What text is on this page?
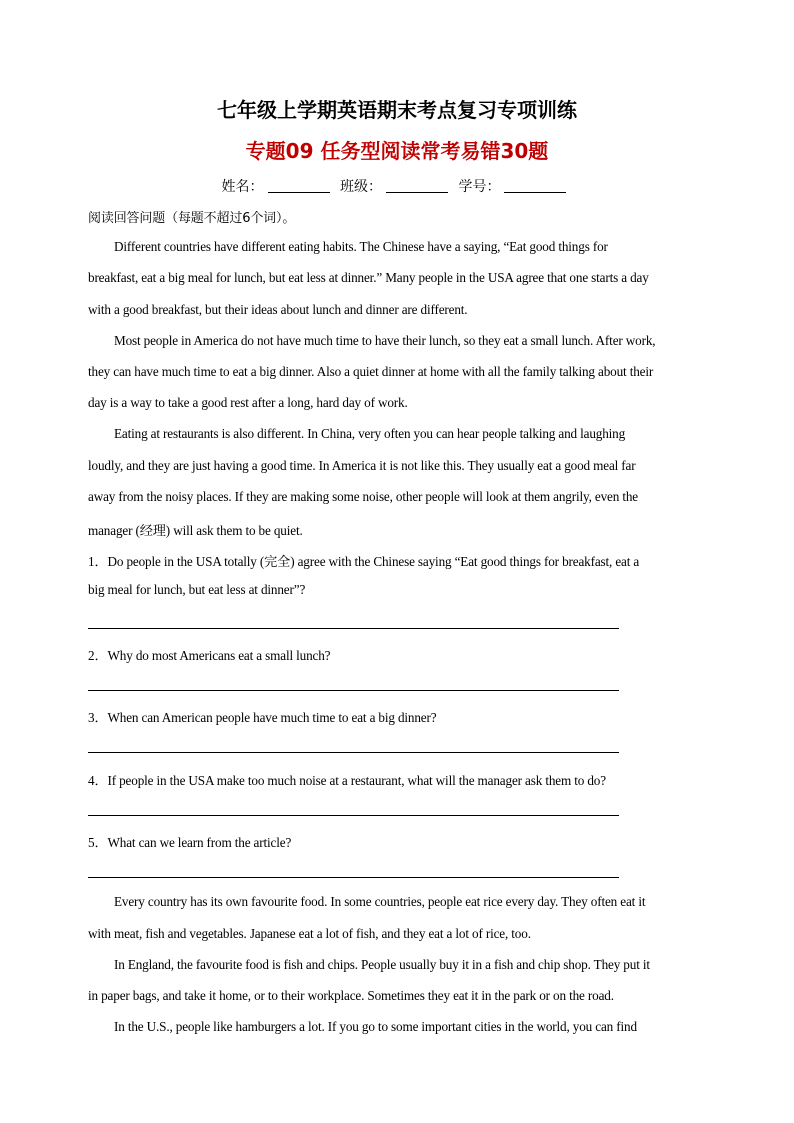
七年级上学期英语期末考点复习专项训练
专题09 任务型阅读常考易错30题
姓名：	班级：	学号：
阅读回答问题（每题不超过6个词）。
Different countries have different eating habits. The Chinese have a saying, “Eat good things for
breakfast, eat a big meal for lunch, but eat less at dinner.” Many people in the USA agree that one starts a day
with a good breakfast, but their ideas about lunch and dinner are different.
Most people in America do not have much time to have their lunch, so they eat a small lunch. After work,
they can have much time to eat a big dinner. Also a quiet dinner at home with all the family talking about their
day is a way to take a good rest after a long, hard day of work.
Eating at restaurants is also different. In China, very often you can hear people talking and laughing
loudly, and they are just having a good time. In America it is not like this. They usually eat a good meal far
away from the noisy places. If they are making some noise, other people will look at them angrily, even the
manager (经理) will ask them to be quiet.
1．Do people in the USA totally (完全) agree with the Chinese saying “Eat good things for breakfast, eat a
big meal for lunch, but eat less at dinner”?
2．Why do most Americans eat a small lunch?
3．When can American people have much time to eat a big dinner?
4．If people in the USA make too much noise at a restaurant, what will the manager ask them to do?
5．What can we learn from the article?
Every country has its own favourite food. In some countries, people eat rice every day. They often eat it
with meat, fish and vegetables. Japanese eat a lot of fish, and they eat a lot of rice, too.
In England, the favourite food is fish and chips. People usually buy it in a fish and chip shop. They put it
in paper bags, and take it home, or to their workplace. Sometimes they eat it in the park or on the road.
In the U.S., people like hamburgers a lot. If you go to some important cities in the world, you can find
